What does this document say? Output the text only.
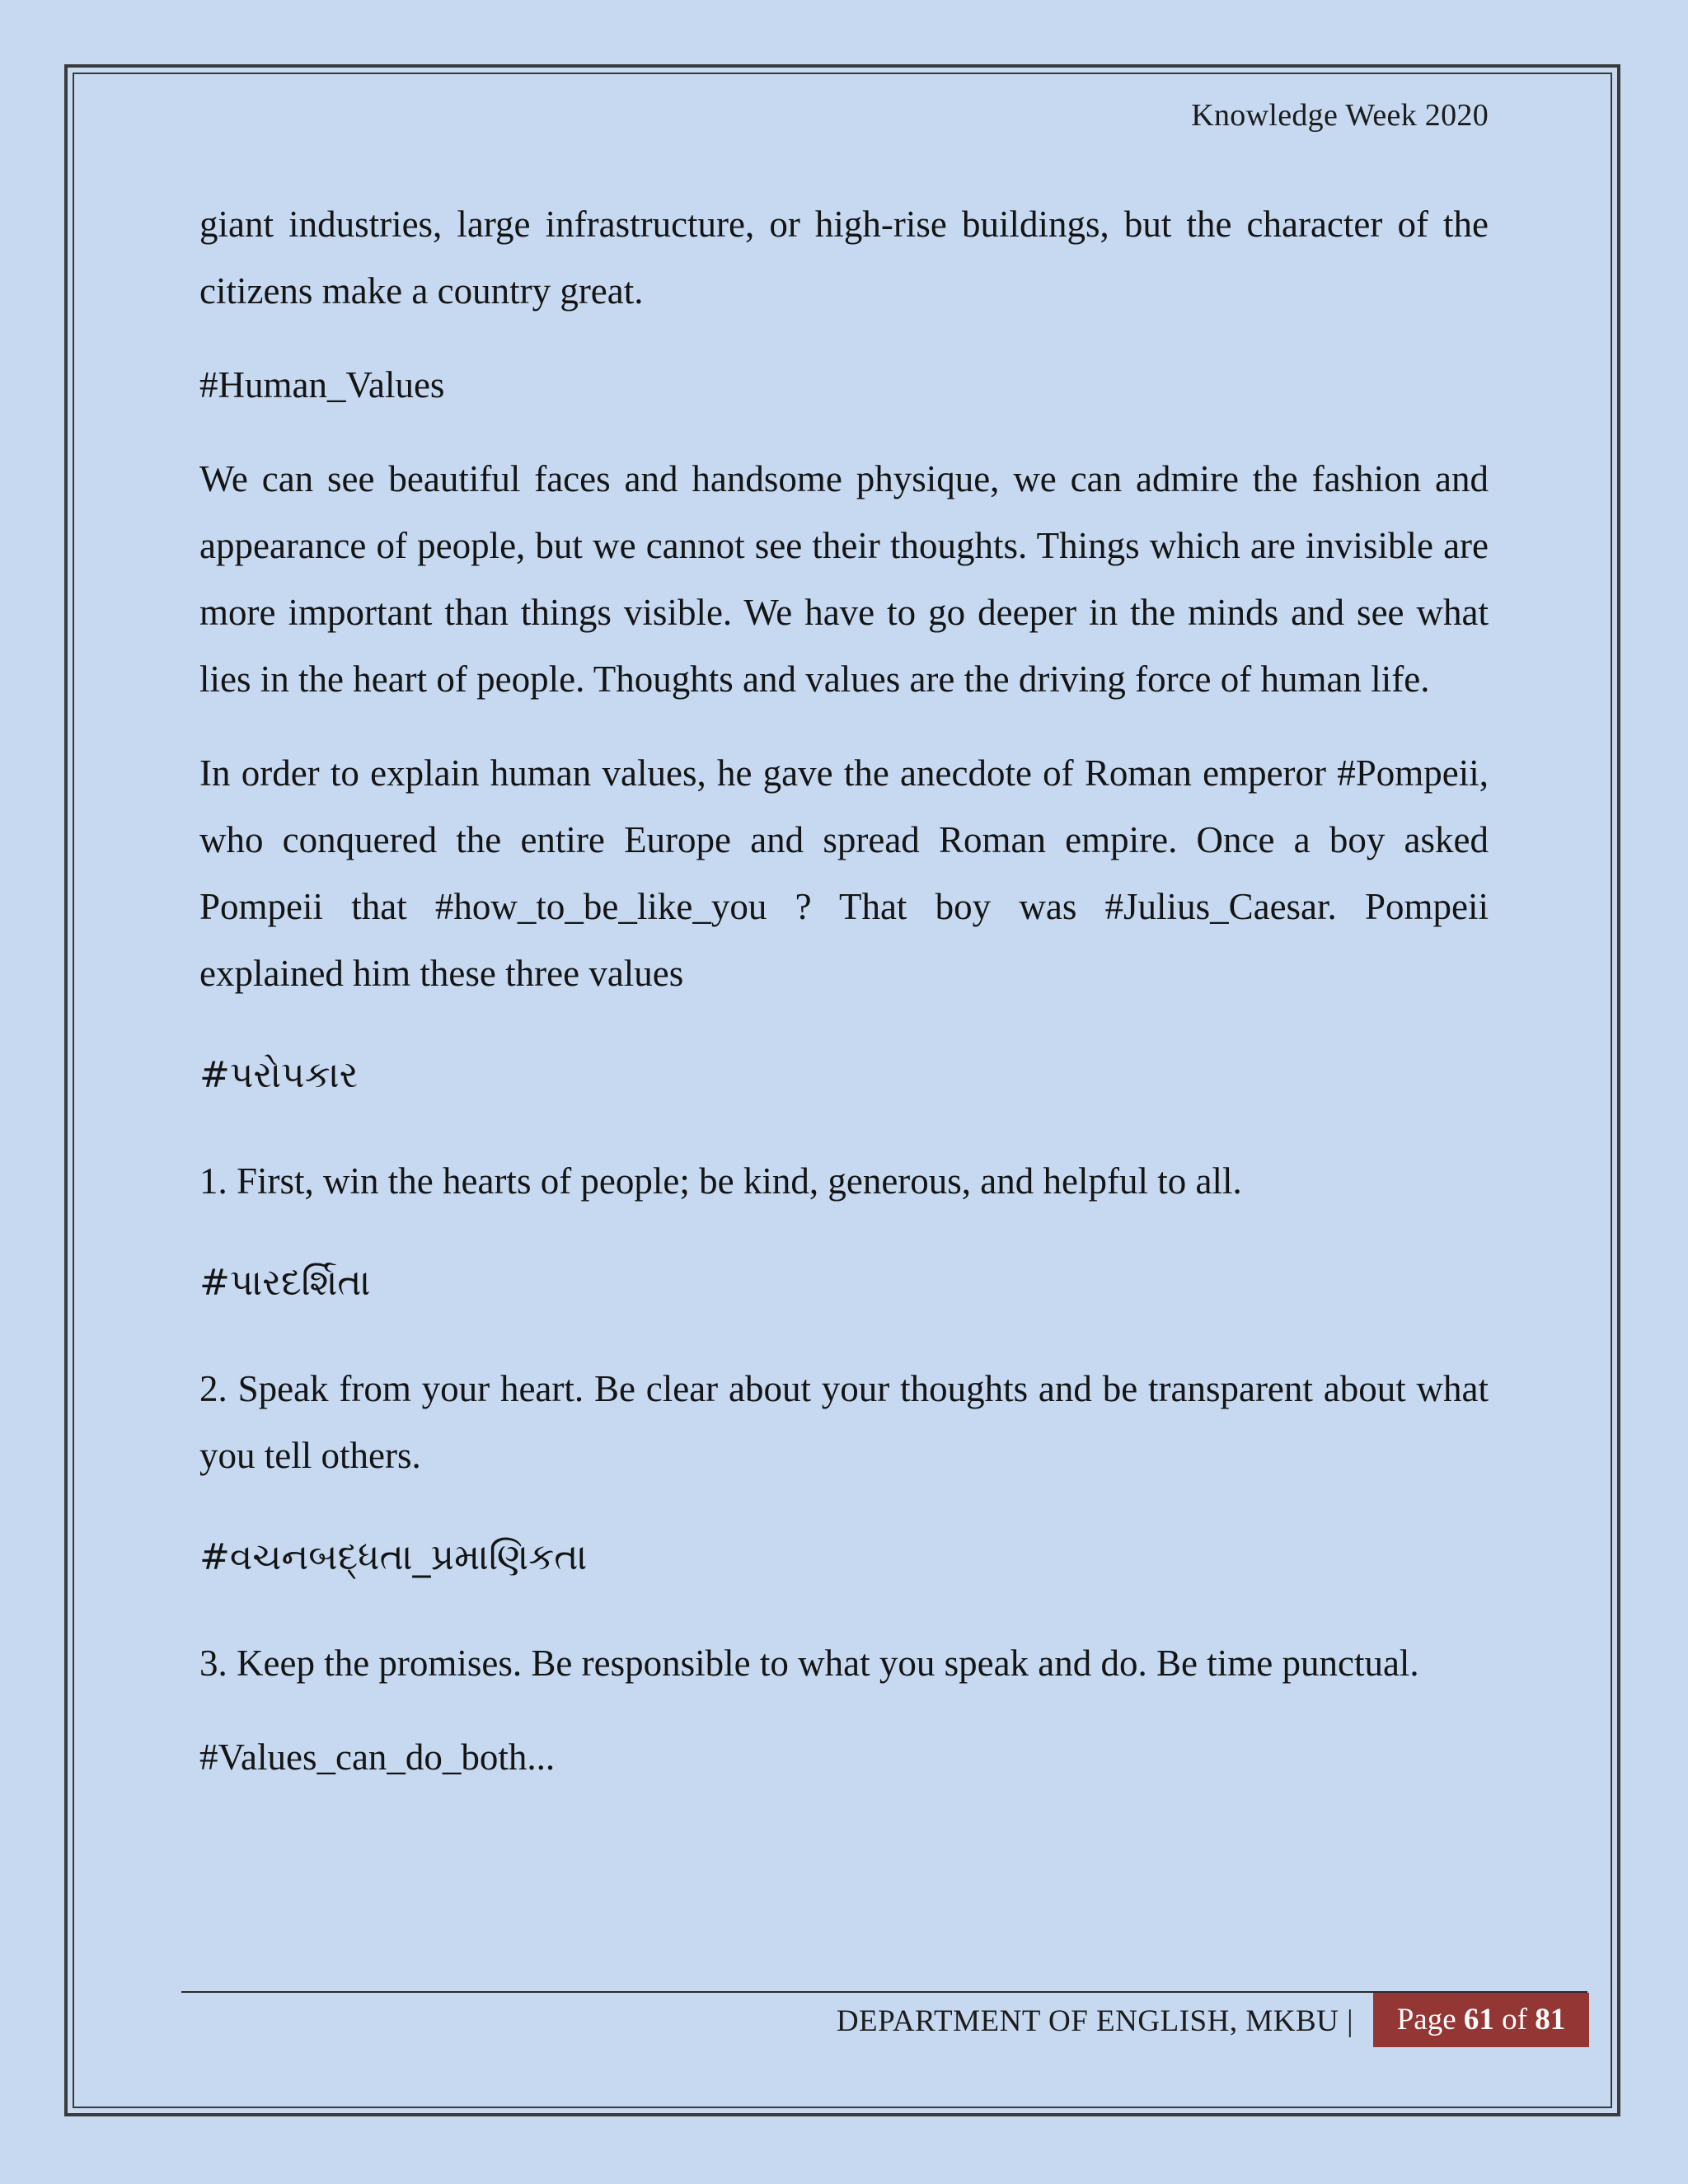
Knowledge Week 2020

giant industries, large infrastructure, or high-rise buildings, but the character of the citizens make a country great.

#Human_Values

We can see beautiful faces and handsome physique, we can admire the fashion and appearance of people, but we cannot see their thoughts. Things which are invisible are more important than things visible. We have to go deeper in the minds and see what lies in the heart of people. Thoughts and values are the driving force of human life.

In order to explain human values, he gave the anecdote of Roman emperor #Pompeii, who conquered the entire Europe and spread Roman empire. Once a boy asked Pompeii that #how_to_be_like_you ? That boy was #Julius_Caesar. Pompeii explained him these three values

#પરોપકાર

1. First, win the hearts of people; be kind, generous, and helpful to all.

#પારદર્શિતા

2. Speak from your heart. Be clear about your thoughts and be transparent about what you tell others.

#વચનબદ્ધતા_પ્રમાણિકતા

3. Keep the promises. Be responsible to what you speak and do. Be time punctual.

#Values_can_do_both...

DEPARTMENT OF ENGLISH, MKBU |	Page 61 of 81
